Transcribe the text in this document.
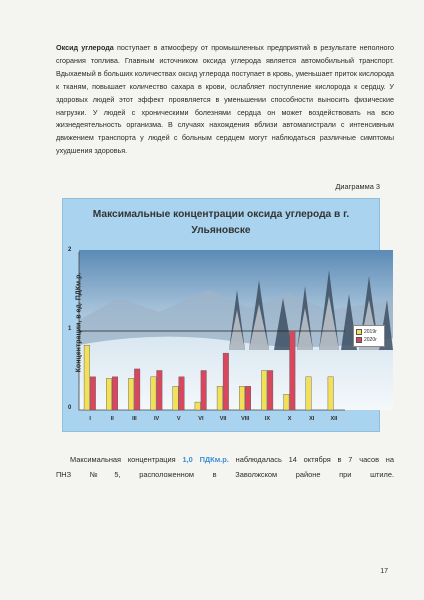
Оксид углерода поступает в атмосферу от промышленных предприятий в результате неполного сгорания топлива. Главным источником оксида углерода является автомобильный транспорт. Вдыхаемый в больших количествах оксид углерода поступает в кровь, уменьшает приток кислорода к тканям, повышает количество сахара в крови, ослабляет поступление кислорода к сердцу. У здоровых людей этот эффект проявляется в уменьшении способности выносить физические нагрузки. У людей с хроническими болезнями сердца он может воздействовать на всю жизнедеятельность организма. В случаях нахождения вблизи автомагистрали с интенсивным движением транспорта у людей с больным сердцем могут наблюдаться различные симптомы ухудшения здоровья.

Диаграмма 3
Максимальные концентрации оксида углерода в г. Ульяновске
Концентрации, в ед. ПДКм.р.
2
1
0
2019г
2020г
I	II	III	IV	V	VI	VII	VIII	IX	X	XI	XII

Максимальная концентрация 1,0 ПДКм.р. наблюдалась 14 октября в 7 часов на
ПНЗ №5, расположенном в Заволжском районе при штиле.

17
